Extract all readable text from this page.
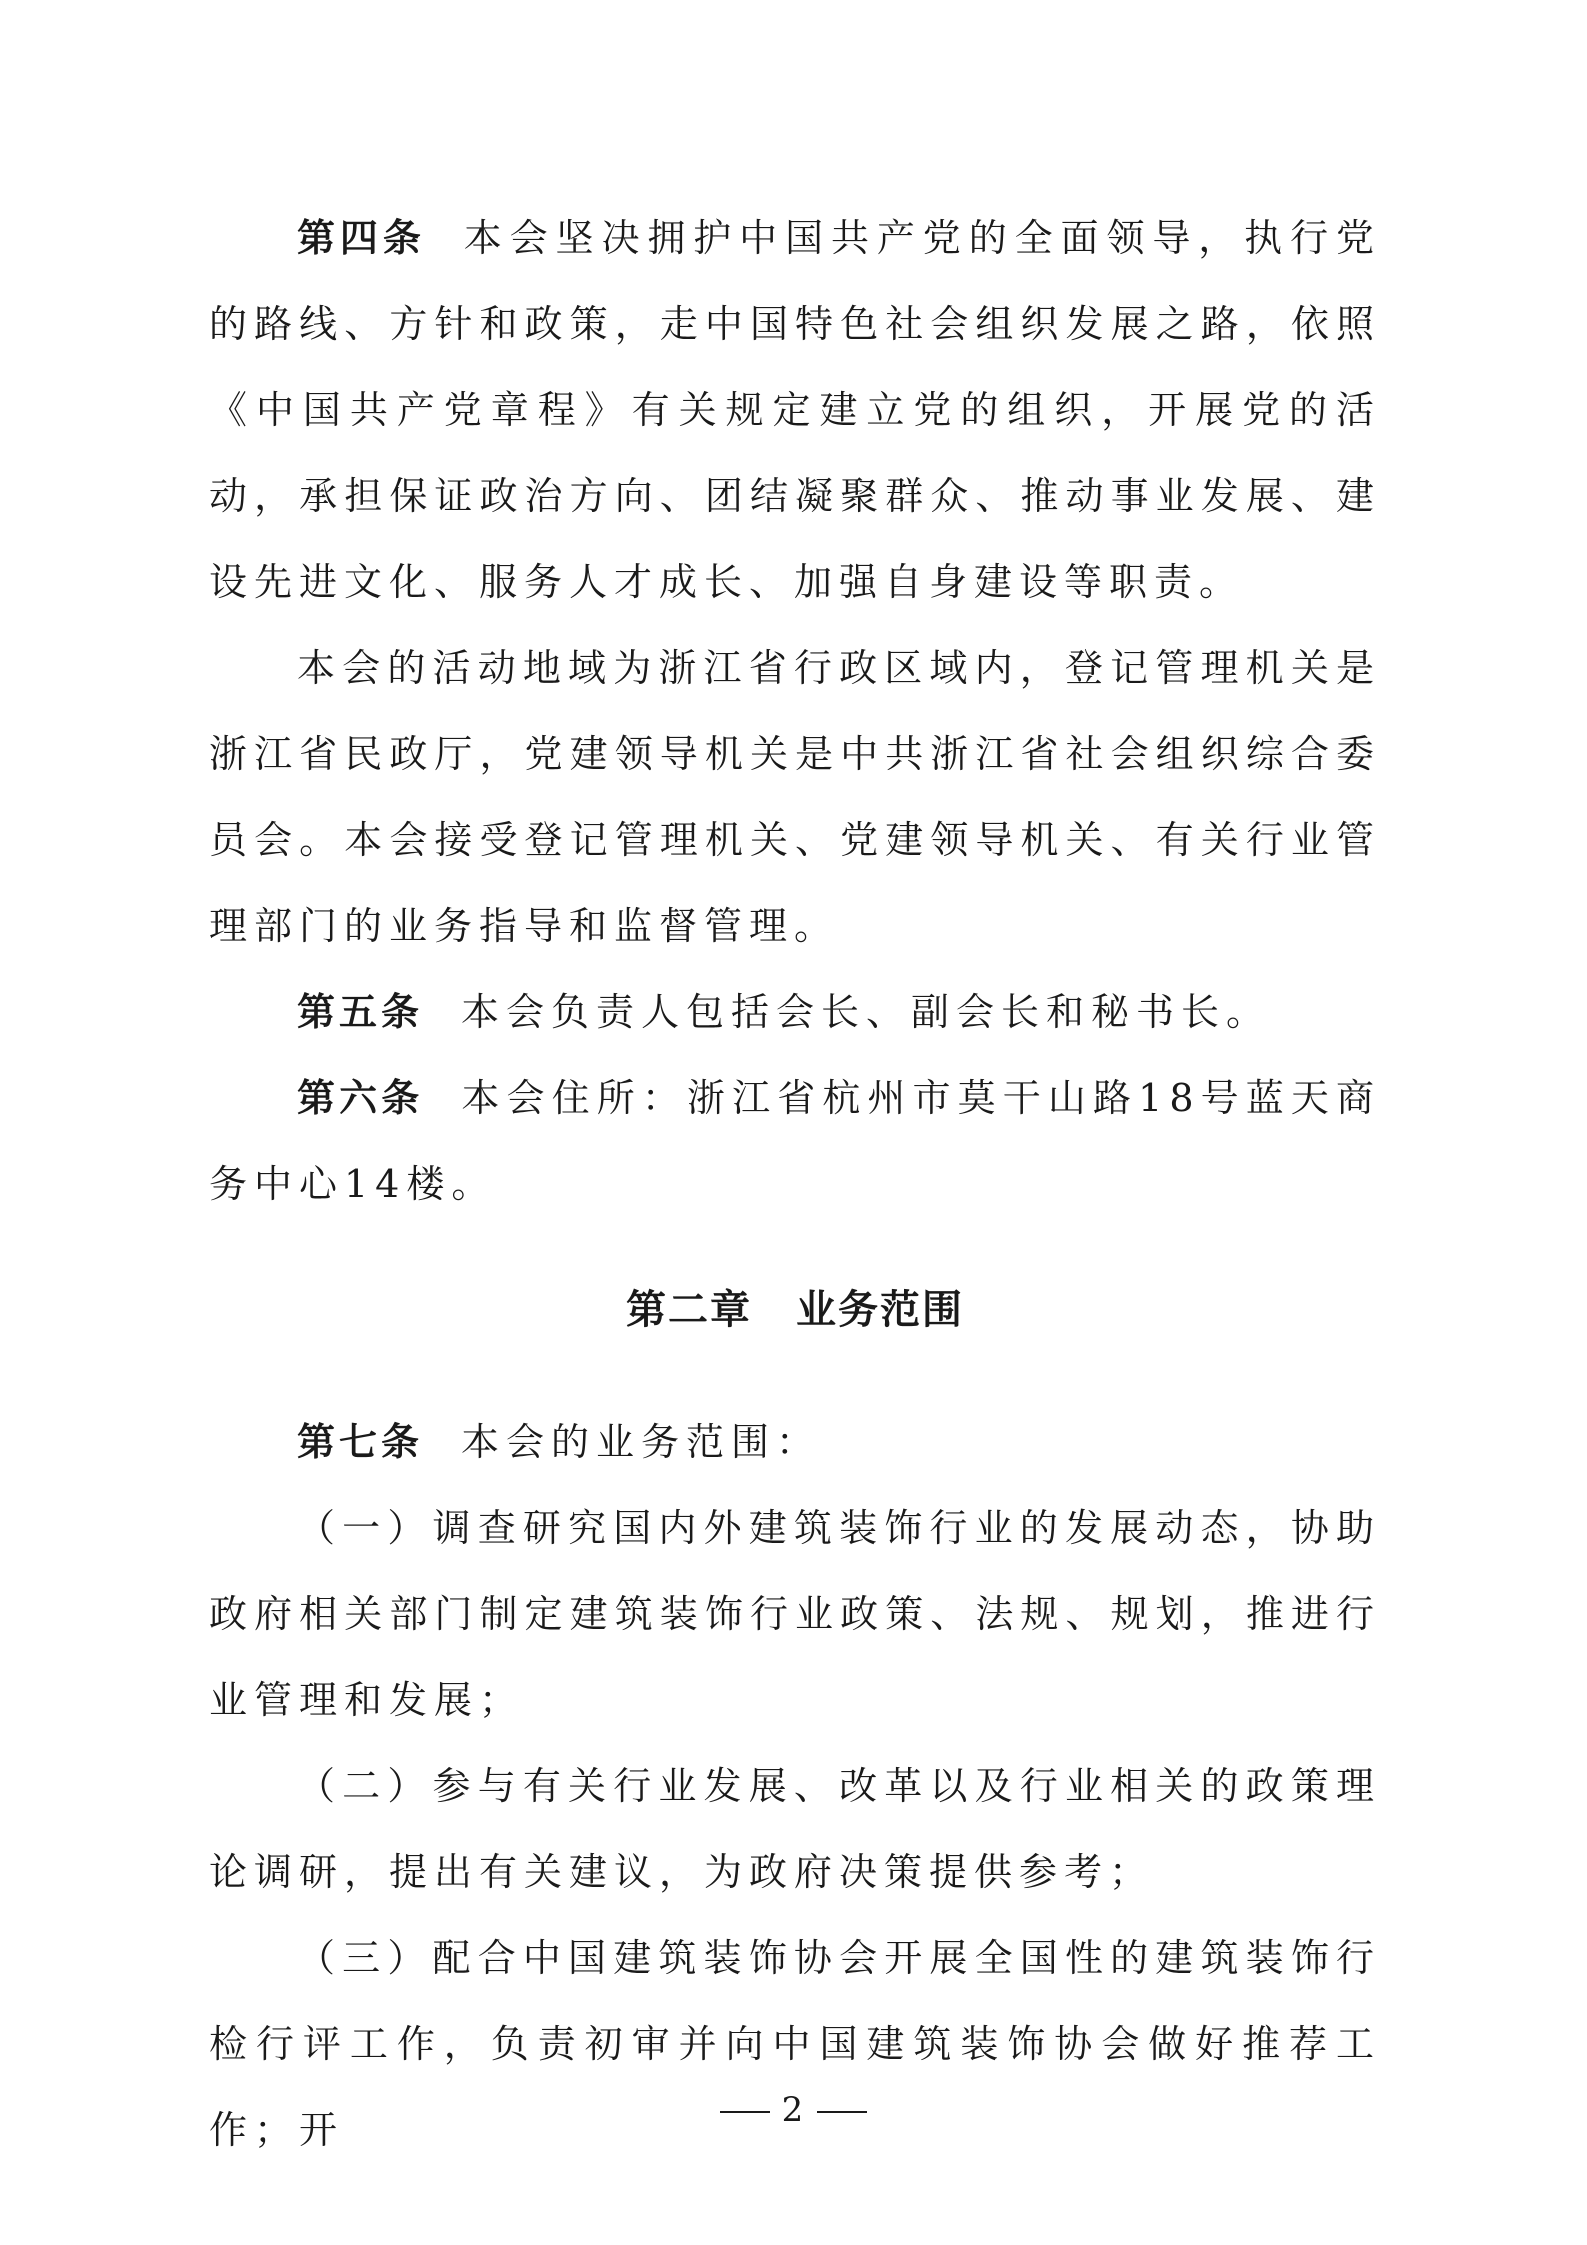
第四条 本会坚决拥护中国共产党的全面领导，执行党的路线、方针和政策，走中国特色社会组织发展之路，依照《中国共产党章程》有关规定建立党的组织，开展党的活动，承担保证政治方向、团结凝聚群众、推动事业发展、建设先进文化、服务人才成长、加强自身建设等职责。

本会的活动地域为浙江省行政区域内，登记管理机关是浙江省民政厅，党建领导机关是中共浙江省社会组织综合委员会。本会接受登记管理机关、党建领导机关、有关行业管理部门的业务指导和监督管理。

第五条 本会负责人包括会长、副会长和秘书长。

第六条 本会住所：浙江省杭州市莫干山路18号蓝天商务中心14楼。

第二章 业务范围

第七条 本会的业务范围：

（一）调查研究国内外建筑装饰行业的发展动态，协助政府相关部门制定建筑装饰行业政策、法规、规划，推进行业管理和发展；

（二）参与有关行业发展、改革以及行业相关的政策理论调研，提出有关建议，为政府决策提供参考；

（三）配合中国建筑装饰协会开展全国性的建筑装饰行检行评工作，负责初审并向中国建筑装饰协会做好推荐工作；开	2
